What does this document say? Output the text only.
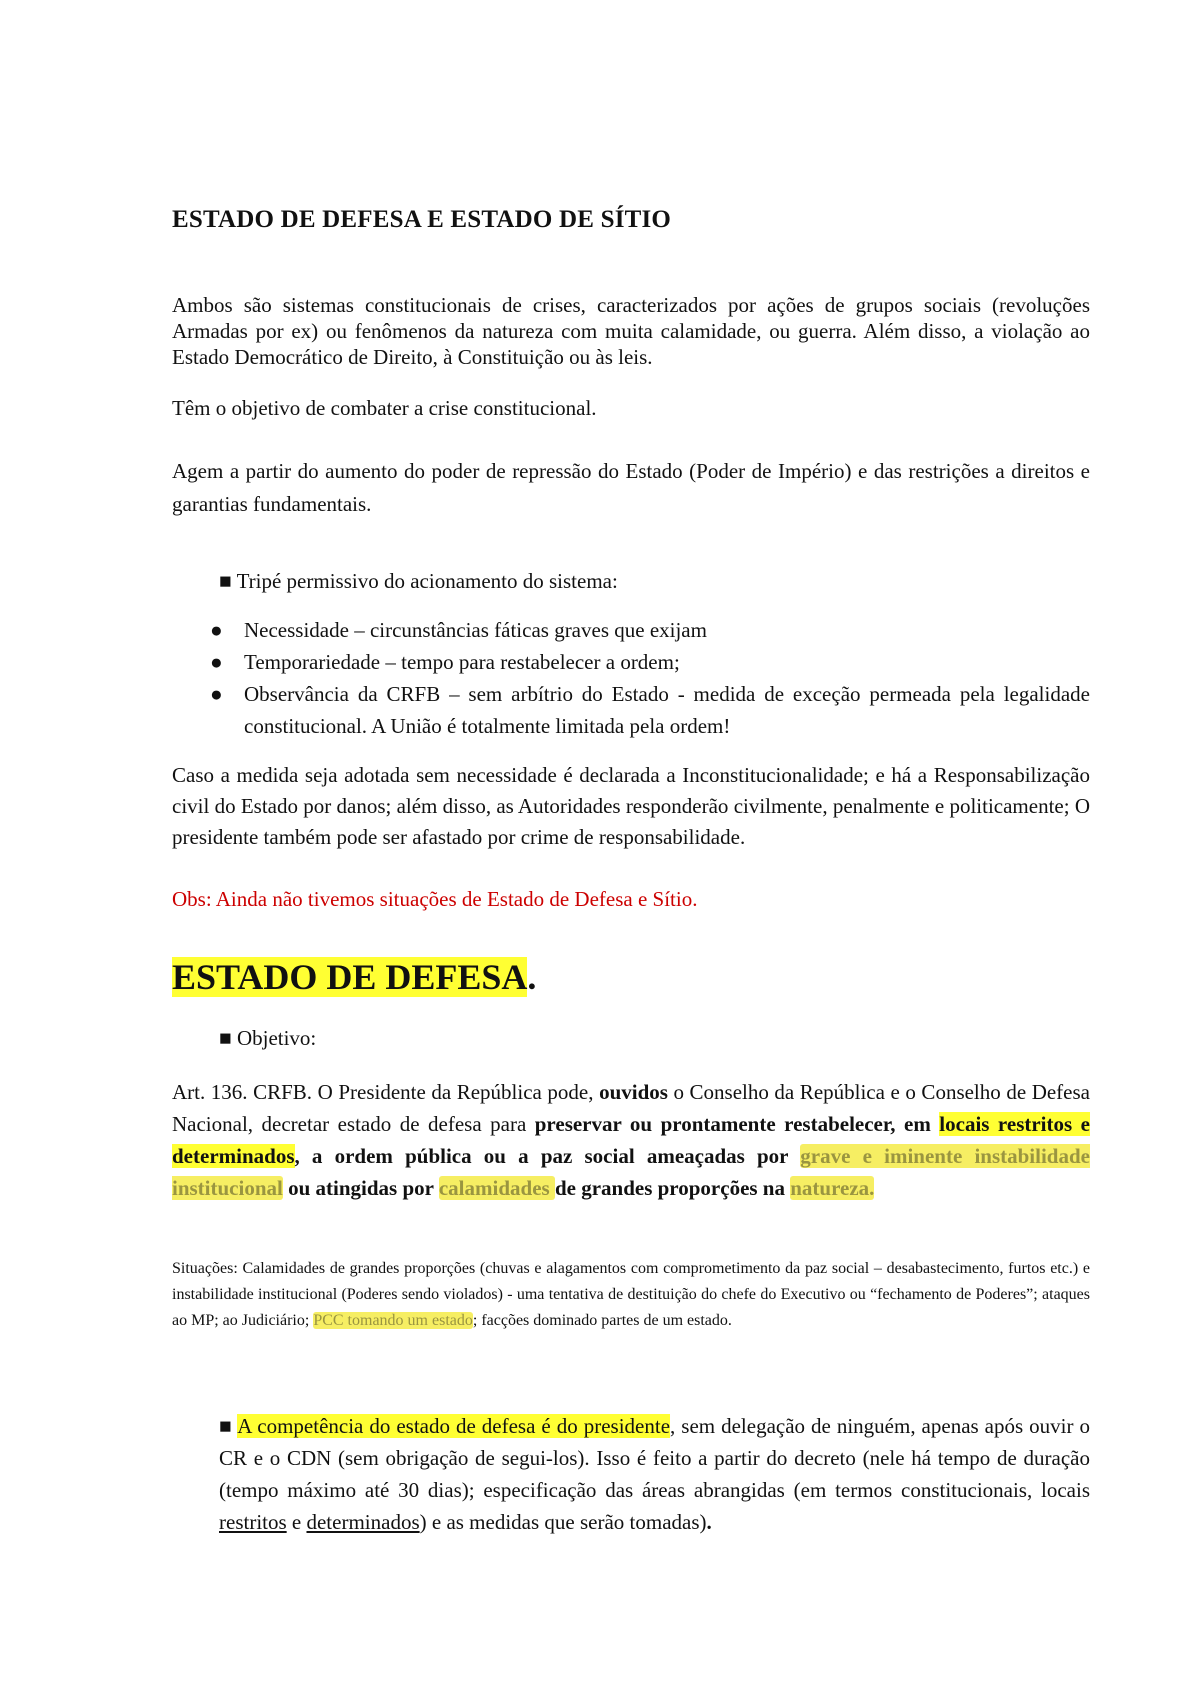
ESTADO DE DEFESA E ESTADO DE SÍTIO

Ambos são sistemas constitucionais de crises, caracterizados por ações de grupos sociais (revoluções Armadas por ex) ou fenômenos da natureza com muita calamidade, ou guerra. Além disso, a violação ao Estado Democrático de Direito, à Constituição ou às leis.

Têm o objetivo de combater a crise constitucional.

Agem a partir do aumento do poder de repressão do Estado (Poder de Império) e das restrições a direitos e garantias fundamentais.

■ Tripé permissivo do acionamento do sistema:
● Necessidade – circunstâncias fáticas graves que exijam
● Temporariedade – tempo para restabelecer a ordem;
● Observância da CRFB – sem arbítrio do Estado - medida de exceção permeada pela legalidade constitucional. A União é totalmente limitada pela ordem!

Caso a medida seja adotada sem necessidade é declarada a Inconstitucionalidade; e há a Responsabilização civil do Estado por danos; além disso, as Autoridades responderão civilmente, penalmente e politicamente; O presidente também pode ser afastado por crime de responsabilidade.

Obs: Ainda não tivemos situações de Estado de Defesa e Sítio.

ESTADO DE DEFESA.
■ Objetivo:

Art. 136. CRFB. O Presidente da República pode, ouvidos o Conselho da República e o Conselho de Defesa Nacional, decretar estado de defesa para preservar ou prontamente restabelecer, em locais restritos e determinados, a ordem pública ou a paz social ameaçadas por grave e iminente instabilidade institucional ou atingidas por calamidades de grandes proporções na natureza.

Situações: Calamidades de grandes proporções (chuvas e alagamentos com comprometimento da paz social – desabastecimento, furtos etc.) e instabilidade institucional (Poderes sendo violados) - uma tentativa de destituição do chefe do Executivo ou “fechamento de Poderes”; ataques ao MP; ao Judiciário; PCC tomando um estado; facções dominado partes de um estado.

■ A competência do estado de defesa é do presidente, sem delegação de ninguém, apenas após ouvir o CR e o CDN (sem obrigação de segui-los). Isso é feito a partir do decreto (nele há tempo de duração (tempo máximo até 30 dias); especificação das áreas abrangidas (em termos constitucionais, locais restritos e determinados) e as medidas que serão tomadas).
